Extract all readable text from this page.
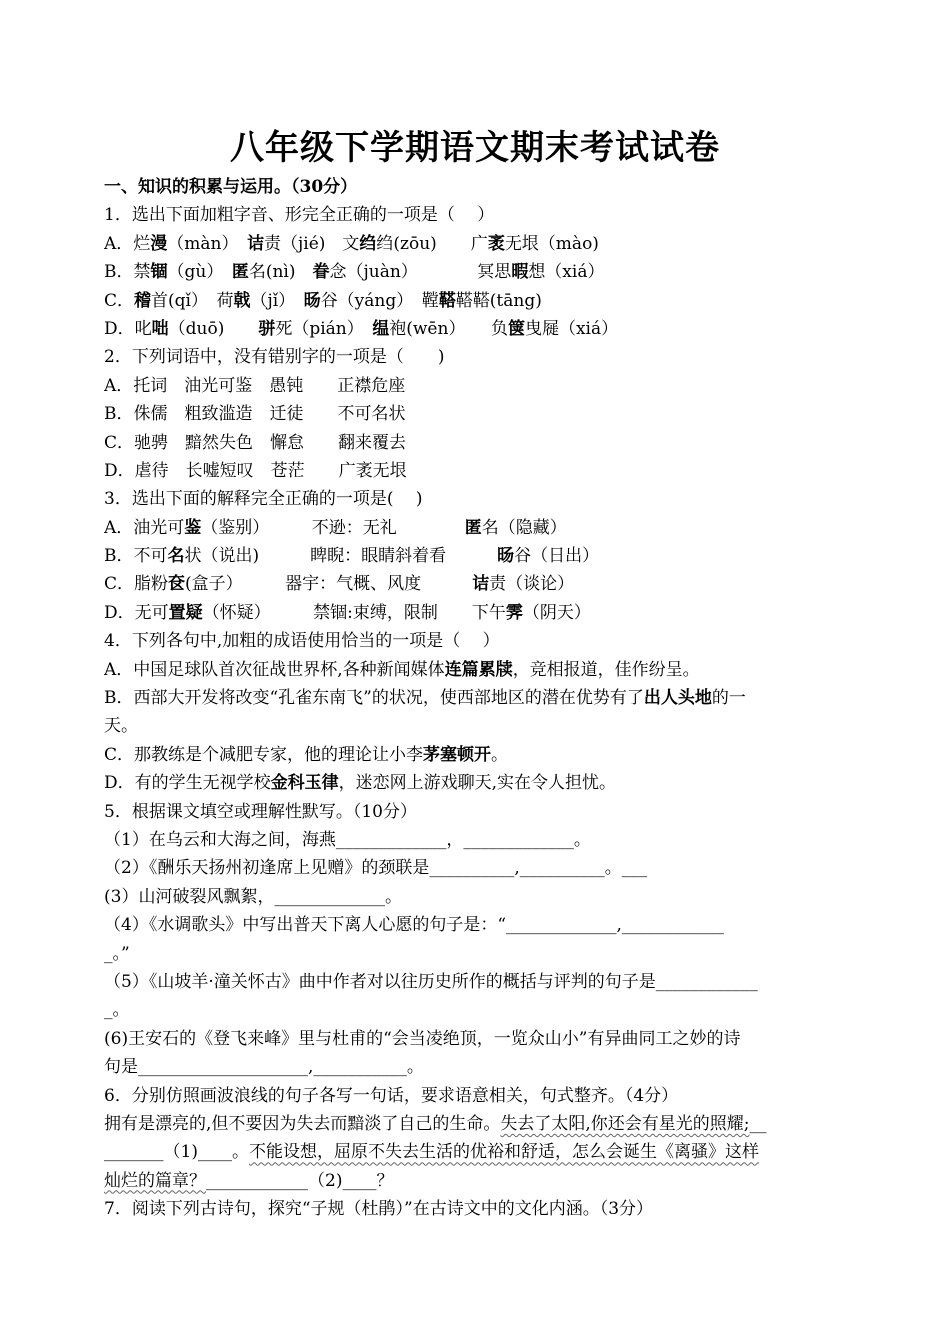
八年级下学期语文期末考试试卷
一、知识的积累与运用。（30分）
1．选出下面加粗字音、形完全正确的一项是（　 ）
A．烂漫（màn）　诘责（jié)　文绉绉(zōu)　　广袤无垠（mào)
B．禁锢（gù）　匿名(nì)　眷念（juàn）　　　　冥思暇想（xiá）
C．稽首(qǐ）　荷戟（jǐ）　旸谷（yáng）　鞺鞳鞳鞳(tāng)
D．叱咄（duō)　　骈死（pián）　缊袍(wēn）　　负箧曳屣（xiá）
2．下列词语中，没有错别字的一项是（　　)
A．托词　油光可鉴　愚钝　　正襟危座
B．侏儒　粗致滥造　迁徒　　不可名状
C．驰骋　黯然失色　懈怠　　翻来覆去
D．虐待　长嘘短叹　苍茫　　广袤无垠
3．选出下面的解释完全正确的一项是(　 )
A．油光可鉴（鉴别）　　　不逊：无礼　　　　匿名（隐藏）
B．不可名状（说出)　　　睥睨：眼睛斜着看　　　旸谷（日出）
C．脂粉奁(盒子）　　　器宇：气概、风度　　　诘责（谈论）
D．无可置疑（怀疑）　　　禁锢:束缚，限制　　下午霁（阴天）
4．下列各句中,加粗的成语使用恰当的一项是（　 ）
A．中国足球队首次征战世界杯,各种新闻媒体连篇累牍，竞相报道，佳作纷呈。
B．西部大开发将改变“孔雀东南飞”的状况，使西部地区的潜在优势有了出人头地的一
天。
C．那教练是个减肥专家，他的理论让小李茅塞顿开。
D．有的学生无视学校金科玉律，迷恋网上游戏聊天,实在令人担忧。
5．根据课文填空或理解性默写。（10分）
（1）在乌云和大海之间，海燕_____________，_____________。
（2）《酬乐天扬州初逢席上见赠》的颈联是__________,__________。___
(3）山河破裂风飘絮，_____________。
（4）《水调歌头》中写出普天下离人心愿的句子是：“_____________,____________
_。”
（5）《山坡羊·潼关怀古》曲中作者对以往历史所作的概括与评判的句子是____________
_。
(6)王安石的《登飞来峰》里与杜甫的“会当凌绝顶，一览众山小”有异曲同工之妙的诗
句是____________________,___________。
6．分别仿照画波浪线的句子各写一句话，要求语意相关，句式整齐。（4分）
拥有是漂亮的,但不要因为失去而黯淡了自己的生命。失去了太阳,你还会有星光的照耀;__
_______（1)____。不能设想，屈原不失去生活的优裕和舒适，怎么会诞生《离骚》这样
灿烂的篇章？____________（2)____？
7．阅读下列古诗句，探究“子规（杜鹃）”在古诗文中的文化内涵。（3分）
